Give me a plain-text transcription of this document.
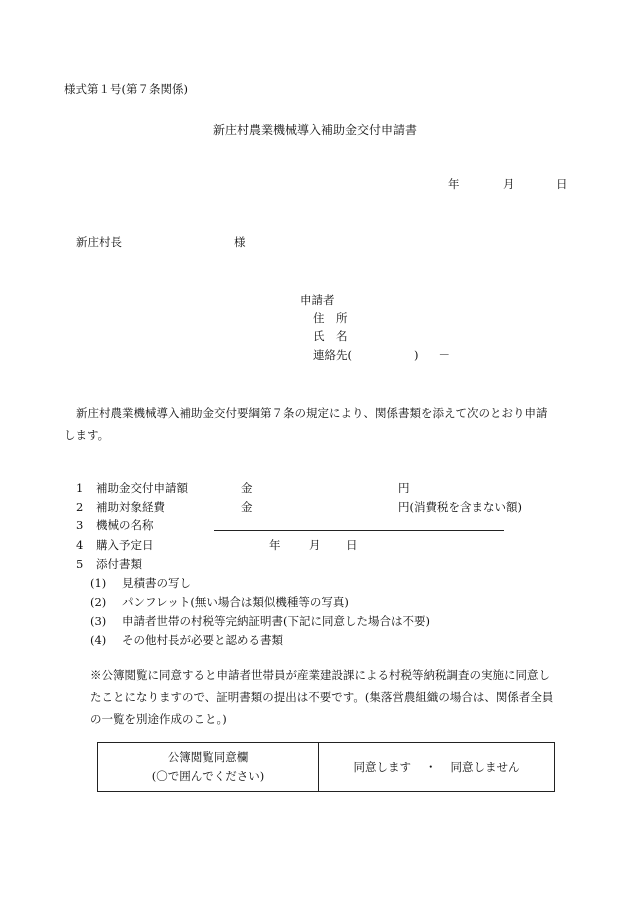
様式第１号(第７条関係)
新庄村農業機械導入補助金交付申請書
年	月	日
新庄村長	様
申請者
住　所
氏　名
連絡先(	) －
新庄村農業機械導入補助金交付要綱第７条の規定により、関係書類を添えて次のとおり申請します。
1 補助金交付申請額	金	円
2 補助対象経費	金	円(消費税を含まない額)
3 機械の名称
4 購入予定日	年 月 日
5 添付書類
(1) 見積書の写し
(2) パンフレット(無い場合は類似機種等の写真)
(3) 申請者世帯の村税等完納証明書(下記に同意した場合は不要)
(4) その他村長が必要と認める書類
※公簿閲覧に同意すると申請者世帯員が産業建設課による村税等納税調査の実施に同意したことになりますので、証明書類の提出は不要です。(集落営農組織の場合は、関係者全員の一覧を別途作成のこと。)
公簿閲覧同意欄
(〇で囲んでください)
同意します ・ 同意しません
